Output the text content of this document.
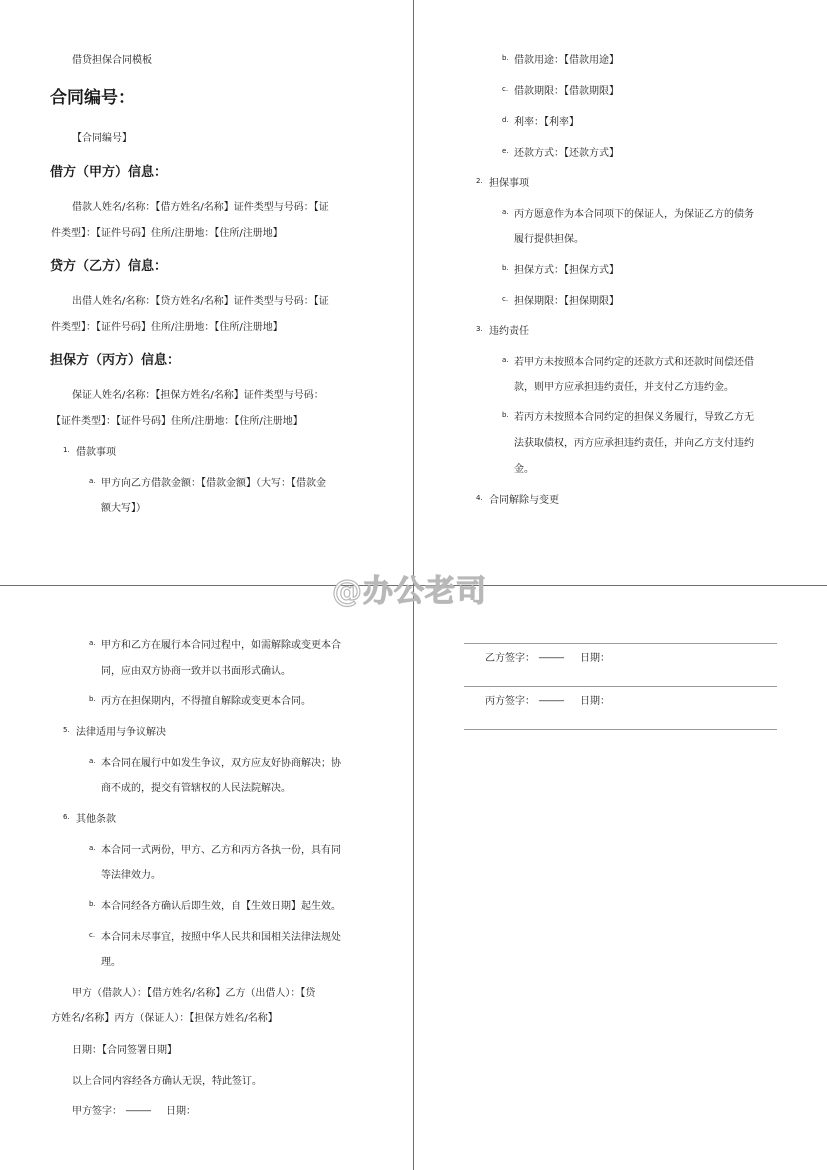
借贷担保合同模板
合同编号：
【合同编号】
借方（甲方）信息：
借款人姓名/名称：【借方姓名/名称】证件类型与号码：【证
件类型】：【证件号码】住所/注册地：【住所/注册地】
贷方（乙方）信息：
出借人姓名/名称：【贷方姓名/名称】证件类型与号码：【证
件类型】：【证件号码】住所/注册地：【住所/注册地】
担保方（丙方）信息：
保证人姓名/名称：【担保方姓名/名称】证件类型与号码：
【证件类型】：【证件号码】住所/注册地：【住所/注册地】
1. 借款事项
a. 甲方向乙方借款金额：【借款金额】（大写：【借款金
额大写】）
b. 借款用途：【借款用途】
c. 借款期限：【借款期限】
d. 利率：【利率】
e. 还款方式：【还款方式】
2. 担保事项
a. 丙方愿意作为本合同项下的保证人，为保证乙方的债务
履行提供担保。
b. 担保方式：【担保方式】
c. 担保期限：【担保期限】
3. 违约责任
a. 若甲方未按照本合同约定的还款方式和还款时间偿还借
款，则甲方应承担违约责任，并支付乙方违约金。
b. 若丙方未按照本合同约定的担保义务履行，导致乙方无
法获取债权，丙方应承担违约责任，并向乙方支付违约
金。
4. 合同解除与变更
a. 甲方和乙方在履行本合同过程中，如需解除或变更本合
同，应由双方协商一致并以书面形式确认。
b. 丙方在担保期内，不得擅自解除或变更本合同。
5. 法律适用与争议解决
a. 本合同在履行中如发生争议，双方应友好协商解决；协
商不成的，提交有管辖权的人民法院解决。
6. 其他条款
a. 本合同一式两份，甲方、乙方和丙方各执一份，具有同
等法律效力。
b. 本合同经各方确认后即生效，自【生效日期】起生效。
c. 本合同未尽事宜，按照中华人民共和国相关法律法规处
理。
甲方（借款人）：【借方姓名/名称】乙方（出借人）：【贷
方姓名/名称】丙方（保证人）：【担保方姓名/名称】
日期：【合同签署日期】
以上合同内容经各方确认无误，特此签订。
甲方签字： _____ 日期：
乙方签字： _____ 日期：
丙方签字： _____ 日期：
@办公老司
